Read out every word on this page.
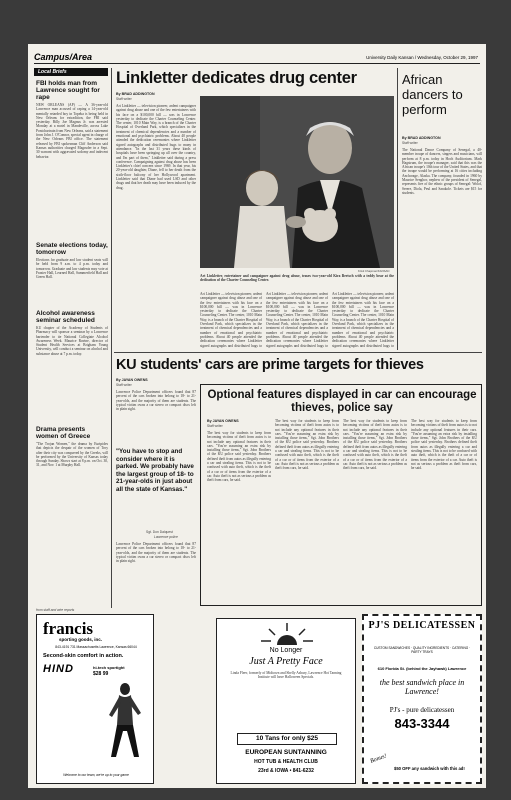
Campus/Area	University Daily Kansan / Wednesday, October 29, 1997
Local Briefs
FBI holds man from Lawrence sought for rape
NEW ORLEANS (AP) — A 36-year-old Lawrence man accused of raping a 14-year-old mentally retarded boy in Topeka is being held in New Orleans for extradition, the FBI said yesterday. Billy Joe Magnus Jr. was arrested Monday at a motel in Mandeville, across Lake Pontchartrain from New Orleans, said a statement from John J. O'Connor, special agent in charge of the New Orleans FBI office. The statement released by FBI spokesman Cliff Anderson said Kansas authorities charged Magruder in a Sept. 30 warrant with aggravated sodomy and indecent behavior.
Senate elections today, tomorrow
Elections for graduate and law student seats will be held from 9 a.m. to 4 p.m. today and tomorrow. Graduate and law students may vote at Frazier Hall, Learned Hall, Summerfield Hall and Green Hall.
Alcohol awareness seminar scheduled
KU chapter of the Academy of Students of Pharmacy will sponsor a seminar by a Lawrence bartender to tie National Collegiate Alcohol Awareness Week. Maurice Ravine, director of Student Health Services at Brigham Young University, will conduct a seminar on alcohol and substance abuse at 7 p.m. today.
Drama presents women of Greece
"The Trojan Women," the drama by Euripides that depicts the despair of the women of Troy after their city was conquered by the Greeks, will be performed by the University of Kansas today through Sunday. Shows start at 8 p.m. on Oct. 30, 31, and Nov. 1 at Murphy Hall.
from staff and wire reports
francis
sporting goods, inc.
843-4191 731 Massachusetts Lawrence, Kansas 66044
Second-skin comfort in action.
HIND	hi-tech sportight
$28 99
Welcome to our team, we're up to your game
Linkletter dedicates drug center
By BRAD ADDINGTON
Staff writer
Art Linkletter — television pioneer, ardent campaigner against drug abuse and one of the few entertainers with his face on a $100,000 bill — was in Lawrence yesterday to dedicate the Charter Counseling Center. The center, 1010 Main Way, is a branch of the Charter Hospital of Overland Park, which specializes in the treatment of chemical dependencies and a number of emotional and psychiatric problems. About 40 people attended the dedication ceremonies where Linkletter signed autographs and distributed hugs to many in attendance. "In the last 31 years these kinds of hospitals have been springing up all over the country, and I'm part of them," Linkletter said during a press conference. Campaigning against drug abuse has been Linkletter's chief concern since 1969. In that year, his 20-year-old daughter, Diane, fell to her death from the sixth-floor balcony of her Hollywood apartment. Linkletter said that Diane had used LSD and other drugs and that her death may have been induced by the drug.
Kristi Chapman/KANSAN
Art Linkletter, entertainer and campaigner against drug abuse, teases two-year-old Kira Bertsch with a teddy bear at the dedication of the Charter Counseling Center.
Art Linkletter — television pioneer, ardent campaigner against drug abuse and one of the few entertainers with his face on a $100,000 bill — was in Lawrence yesterday to dedicate the Charter Counseling Center. The center, 1010 Main Way, is a branch of the Charter Hospital of Overland Park, which specializes in the treatment of chemical dependencies and a number of emotional and psychiatric problems. About 40 people attended the dedication ceremonies where Linkletter signed autographs and distributed hugs to
Art Linkletter — television pioneer, ardent campaigner against drug abuse and one of the few entertainers with his face on a $100,000 bill — was in Lawrence yesterday to dedicate the Charter Counseling Center. The center, 1010 Main Way, is a branch of the Charter Hospital of Overland Park, which specializes in the treatment of chemical dependencies and a number of emotional and psychiatric problems. About 40 people attended the dedication ceremonies where Linkletter signed autographs and distributed hugs to
Art Linkletter — television pioneer, ardent campaigner against drug abuse and one of the few entertainers with his face on a $100,000 bill — was in Lawrence yesterday to dedicate the Charter Counseling Center. The center, 1010 Main Way, is a branch of the Charter Hospital of Overland Park, which specializes in the treatment of chemical dependencies and a number of emotional and psychiatric problems. About 40 people attended the dedication ceremonies where Linkletter signed autographs and distributed hugs to
African dancers to perform
By BRAD ADDINGTON
Staff writer
The National Dance Company of Senegal, a 40-member troupe of dancers, singers and musicians, will perform at 8 p.m. today in Hoch Auditorium. Mark Hagstrum, the troupe's manager, said that this was the African troupe's 10th tour of the United States, and that the troupe would be performing at 16 cities including Anchorage, Alaska. The company, founded in 1960 by Maurice Senghor, nephew of the president of Senegal, represents five of the ethnic groups of Senegal: Wolof, Serere, Diola, Peul and Sarakole. Tickets are $15 for students.
KU students' cars are prime targets for thieves
By JAYAN OWENS
Staff writer
Lawrence Police Department officers found that 87 percent of the cars broken into belong to 18- to 21-year-olds, and the majority of them are students. The typical victim owns a car stereo or compact discs left in plain sight.
"You have to stop and consider where it is parked. We probably have the largest group of 18- to 21-year-olds in just about all the state of Kansas."
Sgt. Don Dalquest
Lawrence police
Lawrence Police Department officers found that 87 percent of the cars broken into belong to 18- to 21-year-olds, and the majority of them are students. The typical victim owns a car stereo or compact discs left in plain sight.
Optional features displayed in car can encourage thieves, police say
By JAYAN OWENS
Staff writer
The best way for students to keep from becoming victims of theft from autos is to not include any optional features in their cars. "You're assuming an extra risk by installing those items," Sgt. John Brothers of the KU police said yesterday. Brothers defined theft from autos as illegally entering a car and stealing items. This is not to be confused with auto theft, which is the theft of a car or of items from the exterior of a car. Auto theft is not as serious a problem as theft from cars, he said.
The best way for students to keep from becoming victims of theft from autos is to not include any optional features in their cars. "You're assuming an extra risk by installing those items," Sgt. John Brothers of the KU police said yesterday. Brothers defined theft from autos as illegally entering a car and stealing items. This is not to be confused with auto theft, which is the theft of a car or of items from the exterior of a car. Auto theft is not as serious a problem as theft from cars, he said.
The best way for students to keep from becoming victims of theft from autos is to not include any optional features in their cars. "You're assuming an extra risk by installing those items," Sgt. John Brothers of the KU police said yesterday. Brothers defined theft from autos as illegally entering a car and stealing items. This is not to be confused with auto theft, which is the theft of a car or of items from the exterior of a car. Auto theft is not as serious a problem as theft from cars, he said.
The best way for students to keep from becoming victims of theft from autos is to not include any optional features in their cars. "You're assuming an extra risk by installing those items," Sgt. John Brothers of the KU police said yesterday. Brothers defined theft from autos as illegally entering a car and stealing items. This is not to be confused with auto theft, which is the theft of a car or of items from the exterior of a car. Auto theft is not as serious a problem as theft from cars, he said.
No Longer
Just A Pretty Face
Linda Fleer, formerly of Midtown and Shelly Asbury, Lawrence Hot Tanning Institute will have Halloween Specials.
10 Tans for only $25
EUROPEAN SUNTANNING
HOT TUB & HEALTH CLUB
23rd & IOWA • 841-6232
PJ'S DELICATESSEN
CUSTOM SANDWICHES · QUALITY INGREDIENTS · CATERING · PARTY TRAYS
610 Florida St. (behind the Jayhawk) Lawrence
the best sandwich place in Lawrence!
PJ's - pure delicatessen
843-3344
Bonus!
$50 OFF any sandwich with this ad!
